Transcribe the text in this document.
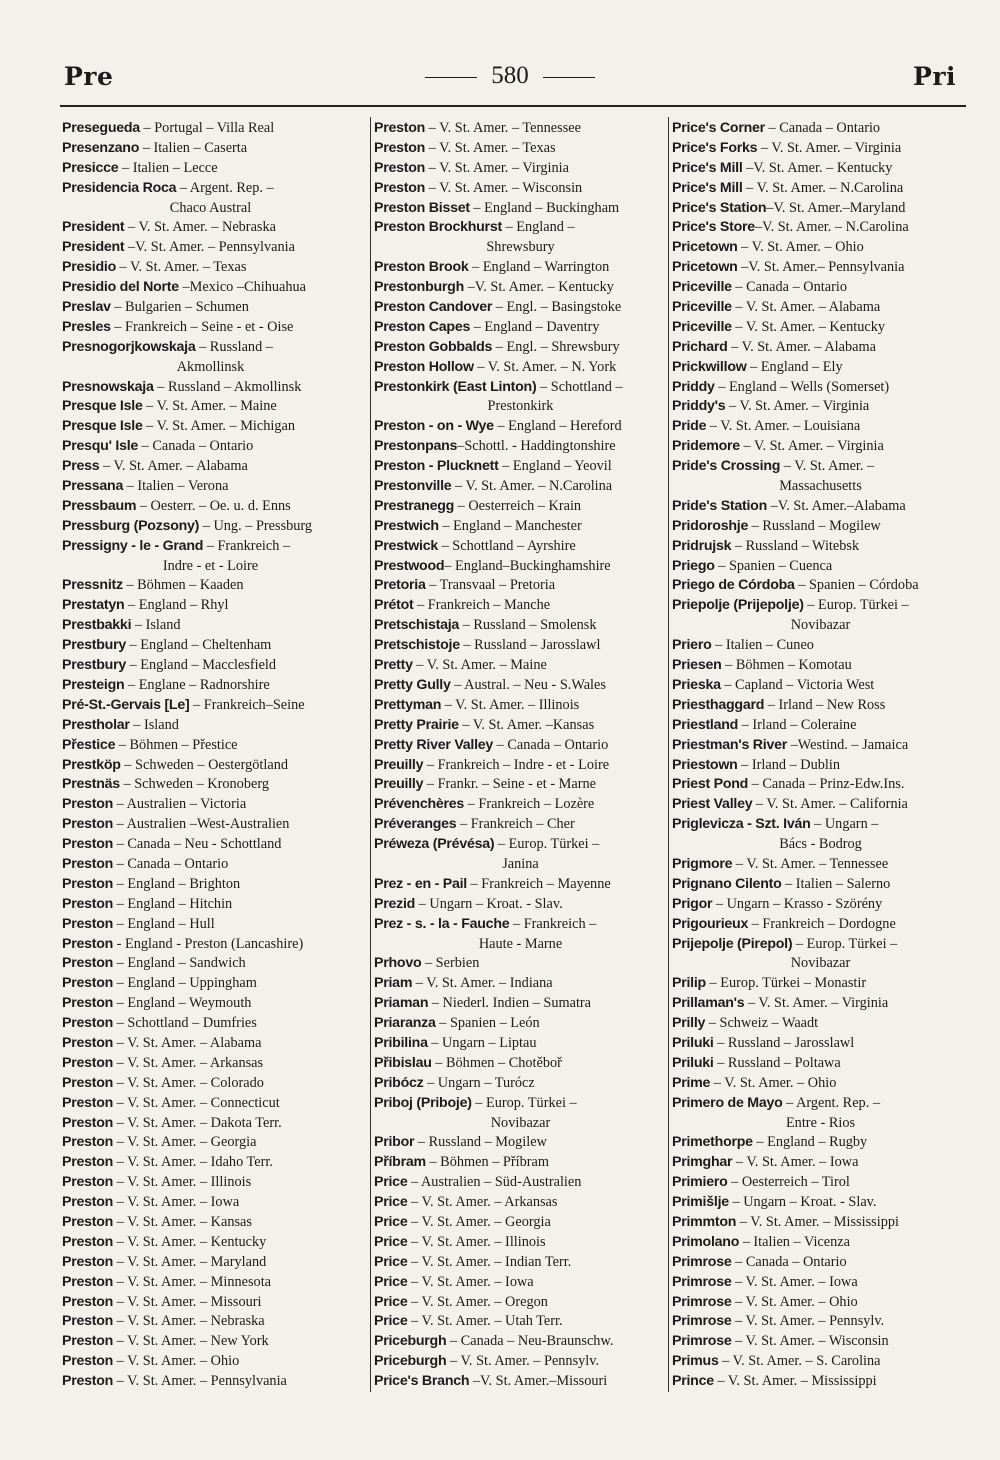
Pre	580	Pri
Presegueda – Portugal – Villa Real
Presenzano – Italien – Caserta
Presicce – Italien – Lecce
Presidencia Roca – Argent. Rep. –
Chaco Austral
President – V. St. Amer. – Nebraska
President –V. St. Amer. – Pennsylvania
Presidio – V. St. Amer. – Texas
Presidio del Norte –Mexico –Chihuahua
Preslav – Bulgarien – Schumen
Presles – Frankreich – Seine - et - Oise
Presnogorjkowskaja – Russland –
Akmollinsk
Presnowskaja – Russland – Akmollinsk
Presque Isle – V. St. Amer. – Maine
Presque Isle – V. St. Amer. – Michigan
Presqu' Isle – Canada – Ontario
Press – V. St. Amer. – Alabama
Pressana – Italien – Verona
Pressbaum – Oesterr. – Oe. u. d. Enns
Pressburg (Pozsony) – Ung. – Pressburg
Pressigny - le - Grand – Frankreich –
Indre - et - Loire
Pressnitz – Böhmen – Kaaden
Prestatyn – England – Rhyl
Prestbakki – Island
Prestbury – England – Cheltenham
Prestbury – England – Macclesfield
Presteign – Englane – Radnorshire
Pré-St.-Gervais [Le] – Frankreich–Seine
Prestholar – Island
Přestice – Böhmen – Přestice
Prestköp – Schweden – Oestergötland
Prestnäs – Schweden – Kronoberg
Preston – Australien – Victoria
Preston – Australien –West-Australien
Preston – Canada – Neu - Schottland
Preston – Canada – Ontario
Preston – England – Brighton
Preston – England – Hitchin
Preston – England – Hull
Preston - England - Preston (Lancashire)
Preston – England – Sandwich
Preston – England – Uppingham
Preston – England – Weymouth
Preston – Schottland – Dumfries
Preston – V. St. Amer. – Alabama
Preston – V. St. Amer. – Arkansas
Preston – V. St. Amer. – Colorado
Preston – V. St. Amer. – Connecticut
Preston – V. St. Amer. – Dakota Terr.
Preston – V. St. Amer. – Georgia
Preston – V. St. Amer. – Idaho Terr.
Preston – V. St. Amer. – Illinois
Preston – V. St. Amer. – Iowa
Preston – V. St. Amer. – Kansas
Preston – V. St. Amer. – Kentucky
Preston – V. St. Amer. – Maryland
Preston – V. St. Amer. – Minnesota
Preston – V. St. Amer. – Missouri
Preston – V. St. Amer. – Nebraska
Preston – V. St. Amer. – New York
Preston – V. St. Amer. – Ohio
Preston – V. St. Amer. – Pennsylvania
Preston – V. St. Amer. – Tennessee
Preston – V. St. Amer. – Texas
Preston – V. St. Amer. – Virginia
Preston – V. St. Amer. – Wisconsin
Preston Bisset – England – Buckingham
Preston Brockhurst – England –
Shrewsbury
Preston Brook – England – Warrington
Prestonburgh –V. St. Amer. – Kentucky
Preston Candover – Engl. – Basingstoke
Preston Capes – England – Daventry
Preston Gobbalds – Engl. – Shrewsbury
Preston Hollow – V. St. Amer. – N. York
Prestonkirk (East Linton) – Schottland –
Prestonkirk
Preston - on - Wye – England – Hereford
Prestonpans–Schottl. - Haddingtonshire
Preston - Plucknett – England – Yeovil
Prestonville – V. St. Amer. – N.Carolina
Prestranegg – Oesterreich – Krain
Prestwich – England – Manchester
Prestwick – Schottland – Ayrshire
Prestwood– England–Buckinghamshire
Pretoria – Transvaal – Pretoria
Prétot – Frankreich – Manche
Pretschistaja – Russland – Smolensk
Pretschistoje – Russland – Jarosslawl
Pretty – V. St. Amer. – Maine
Pretty Gully – Austral. – Neu - S.Wales
Prettyman – V. St. Amer. – Illinois
Pretty Prairie – V. St. Amer. –Kansas
Pretty River Valley – Canada – Ontario
Preuilly – Frankreich – Indre - et - Loire
Preuilly – Frankr. – Seine - et - Marne
Prévenchères – Frankreich – Lozère
Préveranges – Frankreich – Cher
Préweza (Prévésa) – Europ. Türkei –
Janina
Prez - en - Pail – Frankreich – Mayenne
Prezid – Ungarn – Kroat. - Slav.
Prez - s. - la - Fauche – Frankreich –
Haute - Marne
Prhovo – Serbien
Priam – V. St. Amer. – Indiana
Priaman – Niederl. Indien – Sumatra
Priaranza – Spanien – León
Pribilina – Ungarn – Liptau
Přibislau – Böhmen – Chotěboř
Pribócz – Ungarn – Turócz
Priboj (Priboje) – Europ. Türkei –
Novibazar
Pribor – Russland – Mogilew
Příbram – Böhmen – Příbram
Price – Australien – Süd-Australien
Price – V. St. Amer. – Arkansas
Price – V. St. Amer. – Georgia
Price – V. St. Amer. – Illinois
Price – V. St. Amer. – Indian Terr.
Price – V. St. Amer. – Iowa
Price – V. St. Amer. – Oregon
Price – V. St. Amer. – Utah Terr.
Priceburgh – Canada – Neu-Braunschw.
Priceburgh – V. St. Amer. – Pennsylv.
Price's Branch –V. St. Amer.–Missouri
Price's Corner – Canada – Ontario
Price's Forks – V. St. Amer. – Virginia
Price's Mill –V. St. Amer. – Kentucky
Price's Mill – V. St. Amer. – N.Carolina
Price's Station–V. St. Amer.–Maryland
Price's Store–V. St. Amer. – N.Carolina
Pricetown – V. St. Amer. – Ohio
Pricetown –V. St. Amer.– Pennsylvania
Priceville – Canada – Ontario
Priceville – V. St. Amer. – Alabama
Priceville – V. St. Amer. – Kentucky
Prichard – V. St. Amer. – Alabama
Prickwillow – England – Ely
Priddy – England – Wells (Somerset)
Priddy's – V. St. Amer. – Virginia
Pride – V. St. Amer. – Louisiana
Pridemore – V. St. Amer. – Virginia
Pride's Crossing – V. St. Amer. –
Massachusetts
Pride's Station –V. St. Amer.–Alabama
Pridoroshje – Russland – Mogilew
Pridrujsk – Russland – Witebsk
Priego – Spanien – Cuenca
Priego de Córdoba – Spanien – Córdoba
Priepolje (Prijepolje) – Europ. Türkei –
Novibazar
Priero – Italien – Cuneo
Priesen – Böhmen – Komotau
Prieska – Capland – Victoria West
Priesthaggard – Irland – New Ross
Priestland – Irland – Coleraine
Priestman's River –Westind. – Jamaica
Priestown – Irland – Dublin
Priest Pond – Canada – Prinz-Edw.Ins.
Priest Valley – V. St. Amer. – California
Priglevicza - Szt. Iván – Ungarn –
Bács - Bodrog
Prigmore – V. St. Amer. – Tennessee
Prignano Cilento – Italien – Salerno
Prigor – Ungarn – Krasso - Szörény
Prigourieux – Frankreich – Dordogne
Prijepolje (Pirepol) – Europ. Türkei –
Novibazar
Prilip – Europ. Türkei – Monastir
Prillaman's – V. St. Amer. – Virginia
Prilly – Schweiz – Waadt
Priluki – Russland – Jarosslawl
Priluki – Russland – Poltawa
Prime – V. St. Amer. – Ohio
Primero de Mayo – Argent. Rep. –
Entre - Rios
Primethorpe – England – Rugby
Primghar – V. St. Amer. – Iowa
Primiero – Oesterreich – Tirol
Primišlje – Ungarn – Kroat. - Slav.
Primmton – V. St. Amer. – Mississippi
Primolano – Italien – Vicenza
Primrose – Canada – Ontario
Primrose – V. St. Amer. – Iowa
Primrose – V. St. Amer. – Ohio
Primrose – V. St. Amer. – Pennsylv.
Primrose – V. St. Amer. – Wisconsin
Primus – V. St. Amer. – S. Carolina
Prince – V. St. Amer. – Mississippi
